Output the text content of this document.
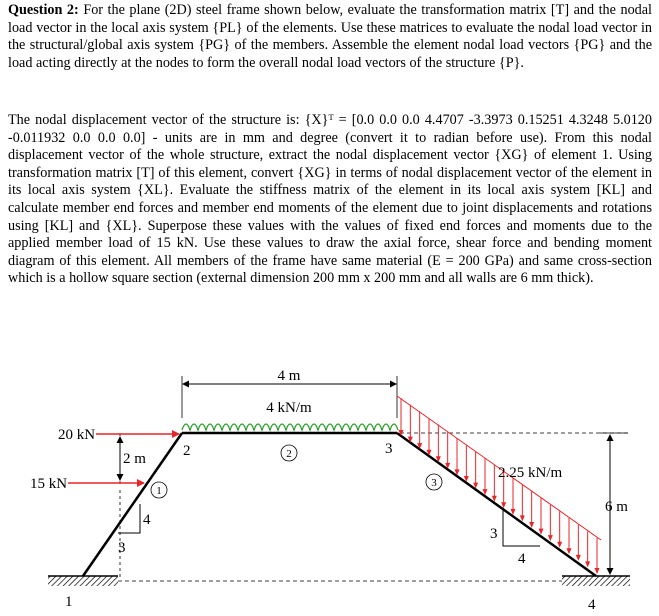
Question 2: For the plane (2D) steel frame shown below, evaluate the transformation matrix [T] and the nodal load vector in the local axis system {PL} of the elements. Use these matrices to evaluate the nodal load vector in the structural/global axis system {PG} of the members. Assemble the element nodal load vectors {PG} and the load acting directly at the nodes to form the overall nodal load vectors of the structure {P}.

The nodal displacement vector of the structure is: {X}ᵀ = [0.0 0.0 0.0 4.4707 -3.3973 0.15251 4.3248 5.0120 -0.011932 0.0 0.0 0.0] - units are in mm and degree (convert it to radian before use). From this nodal displacement vector of the whole structure, extract the nodal displacement vector {XG} of element 1. Using transformation matrix [T] of this element, convert {XG} in terms of nodal displacement vector of the element in its local axis system {XL}. Evaluate the stiffness matrix of the element in its local axis system [KL] and calculate member end forces and member end moments of the element due to joint displacements and rotations using [KL] and {XL}. Superpose these values with the values of fixed end forces and moments due to the applied member load of 15 kN. Use these values to draw the axial force, shear force and bending moment diagram of this element. All members of the frame have same material (E = 200 GPa) and same cross-section which is a hollow square section (external dimension 200 mm x 200 mm and all walls are 6 mm thick).

4 m
4 kN/m
20 kN
15 kN
2 m
4
3
1
2
3
2	3
1	4
2.25 kN/m
3
4
6 m
